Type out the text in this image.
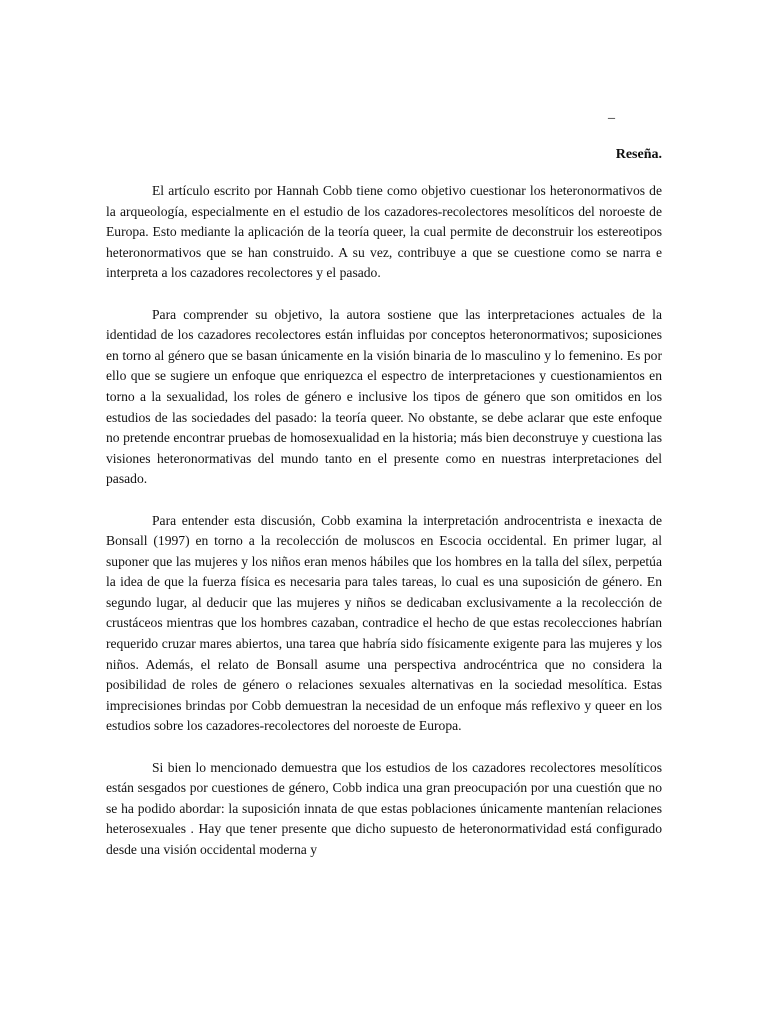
_
Reseña.

El artículo escrito por Hannah Cobb tiene como objetivo cuestionar los heteronormativos de la arqueología, especialmente en el estudio de los cazadores-recolectores mesolíticos del noroeste de Europa. Esto mediante la aplicación de la teoría queer, la cual permite de deconstruir los estereotipos heteronormativos que se han construido. A su vez, contribuye a que se cuestione como se narra e interpreta a los cazadores recolectores y el pasado.

Para comprender su objetivo, la autora sostiene que las interpretaciones actuales de la identidad de los cazadores recolectores están influidas por conceptos heteronormativos; suposiciones en torno al género que se basan únicamente en la visión binaria de lo masculino y lo femenino. Es por ello que se sugiere un enfoque que enriquezca el espectro de interpretaciones y cuestionamientos en torno a la sexualidad, los roles de género e inclusive los tipos de género que son omitidos en los estudios de las sociedades del pasado: la teoría queer. No obstante, se debe aclarar que este enfoque no pretende encontrar pruebas de homosexualidad en la historia; más bien deconstruye y cuestiona las visiones heteronormativas del mundo tanto en el presente como en nuestras interpretaciones del pasado.

Para entender esta discusión, Cobb examina la interpretación androcentrista e inexacta de Bonsall (1997) en torno a la recolección de moluscos en Escocia occidental. En primer lugar, al suponer que las mujeres y los niños eran menos hábiles que los hombres en la talla del sílex, perpetúa la idea de que la fuerza física es necesaria para tales tareas, lo cual es una suposición de género. En segundo lugar, al deducir que las mujeres y niños se dedicaban exclusivamente a la recolección de crustáceos mientras que los hombres cazaban, contradice el hecho de que estas recolecciones habrían requerido cruzar mares abiertos, una tarea que habría sido físicamente exigente para las mujeres y los niños. Además, el relato de Bonsall asume una perspectiva androcéntrica que no considera la posibilidad de roles de género o relaciones sexuales alternativas en la sociedad mesolítica. Estas imprecisiones brindas por Cobb demuestran la necesidad de un enfoque más reflexivo y queer en los estudios sobre los cazadores-recolectores del noroeste de Europa.

Si bien lo mencionado demuestra que los estudios de los cazadores recolectores mesolíticos están sesgados por cuestiones de género, Cobb indica una gran preocupación por una cuestión que no se ha podido abordar: la suposición innata de que estas poblaciones únicamente mantenían relaciones heterosexuales . Hay que tener presente que dicho supuesto de heteronormatividad está configurado desde una visión occidental moderna y
